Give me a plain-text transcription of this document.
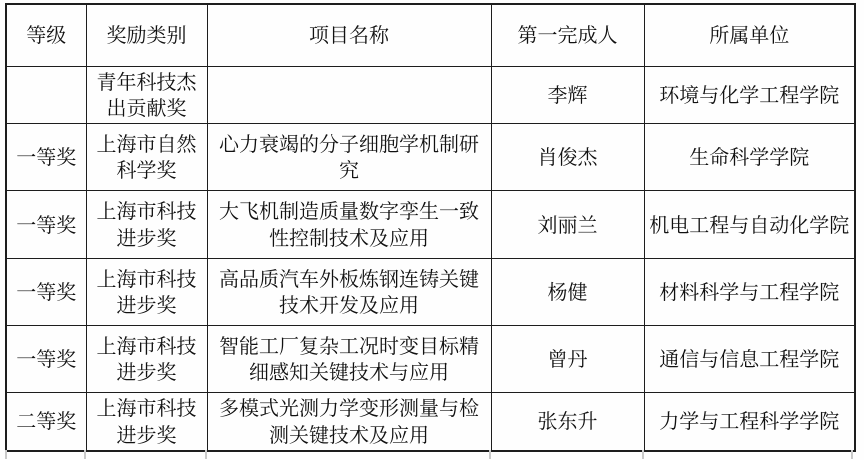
等级	奖励类别	项目名称	第一完成人	所属单位
	青年科技杰出贡献奖		李辉	环境与化学工程学院
一等奖	上海市自然科学奖	心力衰竭的分子细胞学机制研究	肖俊杰	生命科学学院
一等奖	上海市科技进步奖	大飞机制造质量数字孪生一致性控制技术及应用	刘丽兰	机电工程与自动化学院
一等奖	上海市科技进步奖	高品质汽车外板炼钢连铸关键技术开发及应用	杨健	材料科学与工程学院
一等奖	上海市科技进步奖	智能工厂复杂工况时变目标精细感知关键技术与应用	曾丹	通信与信息工程学院
二等奖	上海市科技进步奖	多模式光测力学变形测量与检测关键技术及应用	张东升	力学与工程科学学院
